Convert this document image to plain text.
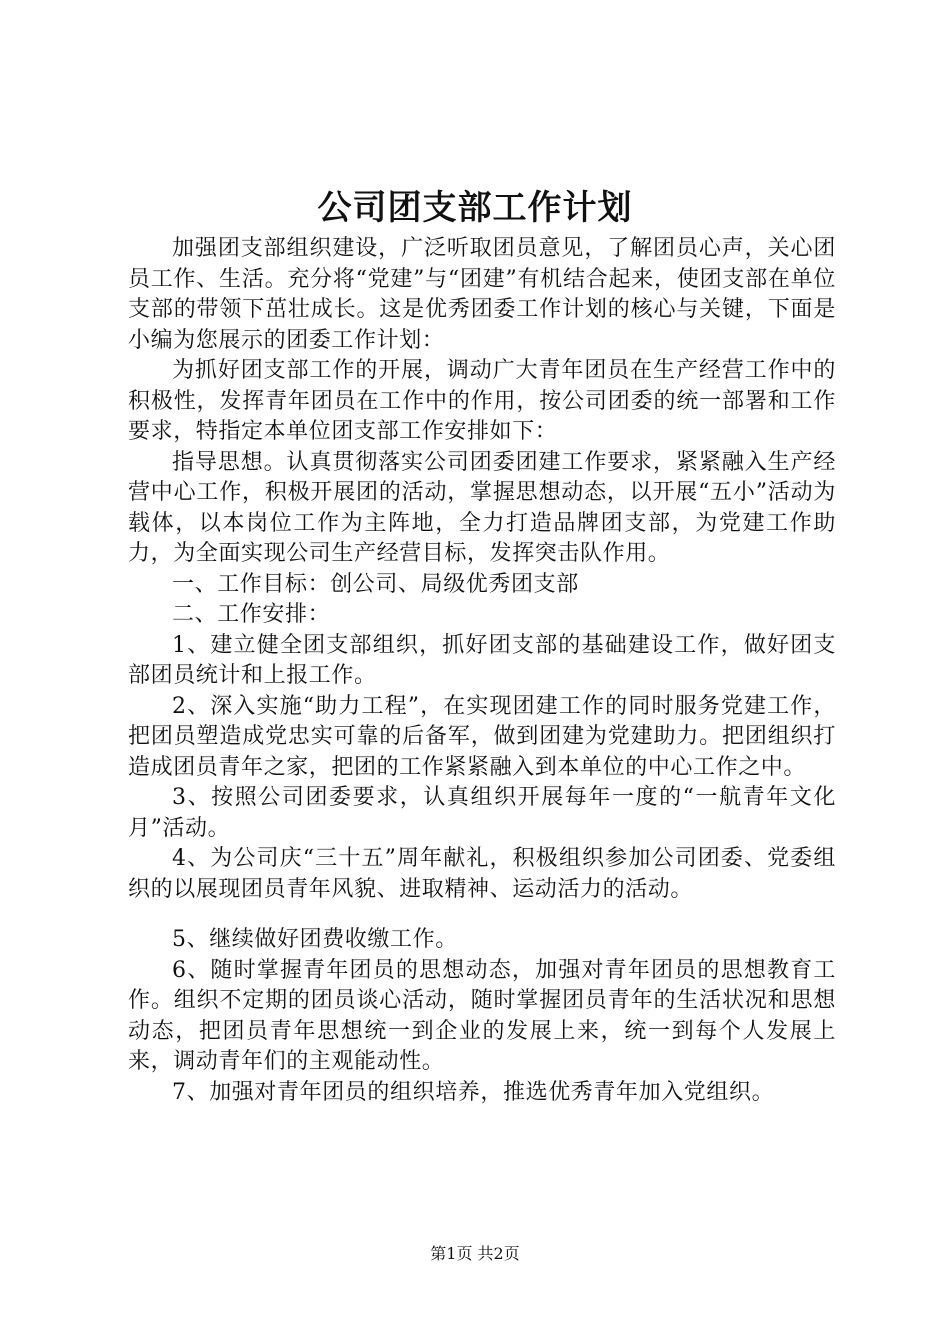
公司团支部工作计划

加强团支部组织建设，广泛听取团员意见，了解团员心声，关心团员工作、生活。充分将“党建”与“团建”有机结合起来，使团支部在单位支部的带领下茁壮成长。这是优秀团委工作计划的核心与关键，下面是小编为您展示的团委工作计划：

为抓好团支部工作的开展，调动广大青年团员在生产经营工作中的积极性，发挥青年团员在工作中的作用，按公司团委的统一部署和工作要求，特指定本单位团支部工作安排如下：

指导思想。认真贯彻落实公司团委团建工作要求，紧紧融入生产经营中心工作，积极开展团的活动，掌握思想动态，以开展“五小”活动为载体，以本岗位工作为主阵地，全力打造品牌团支部，为党建工作助力，为全面实现公司生产经营目标，发挥突击队作用。

一、工作目标：创公司、局级优秀团支部

二、工作安排：

1、建立健全团支部组织，抓好团支部的基础建设工作，做好团支部团员统计和上报工作。

2、深入实施“助力工程”，在实现团建工作的同时服务党建工作，把团员塑造成党忠实可靠的后备军，做到团建为党建助力。把团组织打造成团员青年之家，把团的工作紧紧融入到本单位的中心工作之中。

3、按照公司团委要求，认真组织开展每年一度的“一航青年文化月”活动。

4、为公司庆“三十五”周年献礼，积极组织参加公司团委、党委组织的以展现团员青年风貌、进取精神、运动活力的活动。

5、继续做好团费收缴工作。

6、随时掌握青年团员的思想动态，加强对青年团员的思想教育工作。组织不定期的团员谈心活动，随时掌握团员青年的生活状况和思想动态，把团员青年思想统一到企业的发展上来，统一到每个人发展上来，调动青年们的主观能动性。

7、加强对青年团员的组织培养，推选优秀青年加入党组织。

第1页 共2页
